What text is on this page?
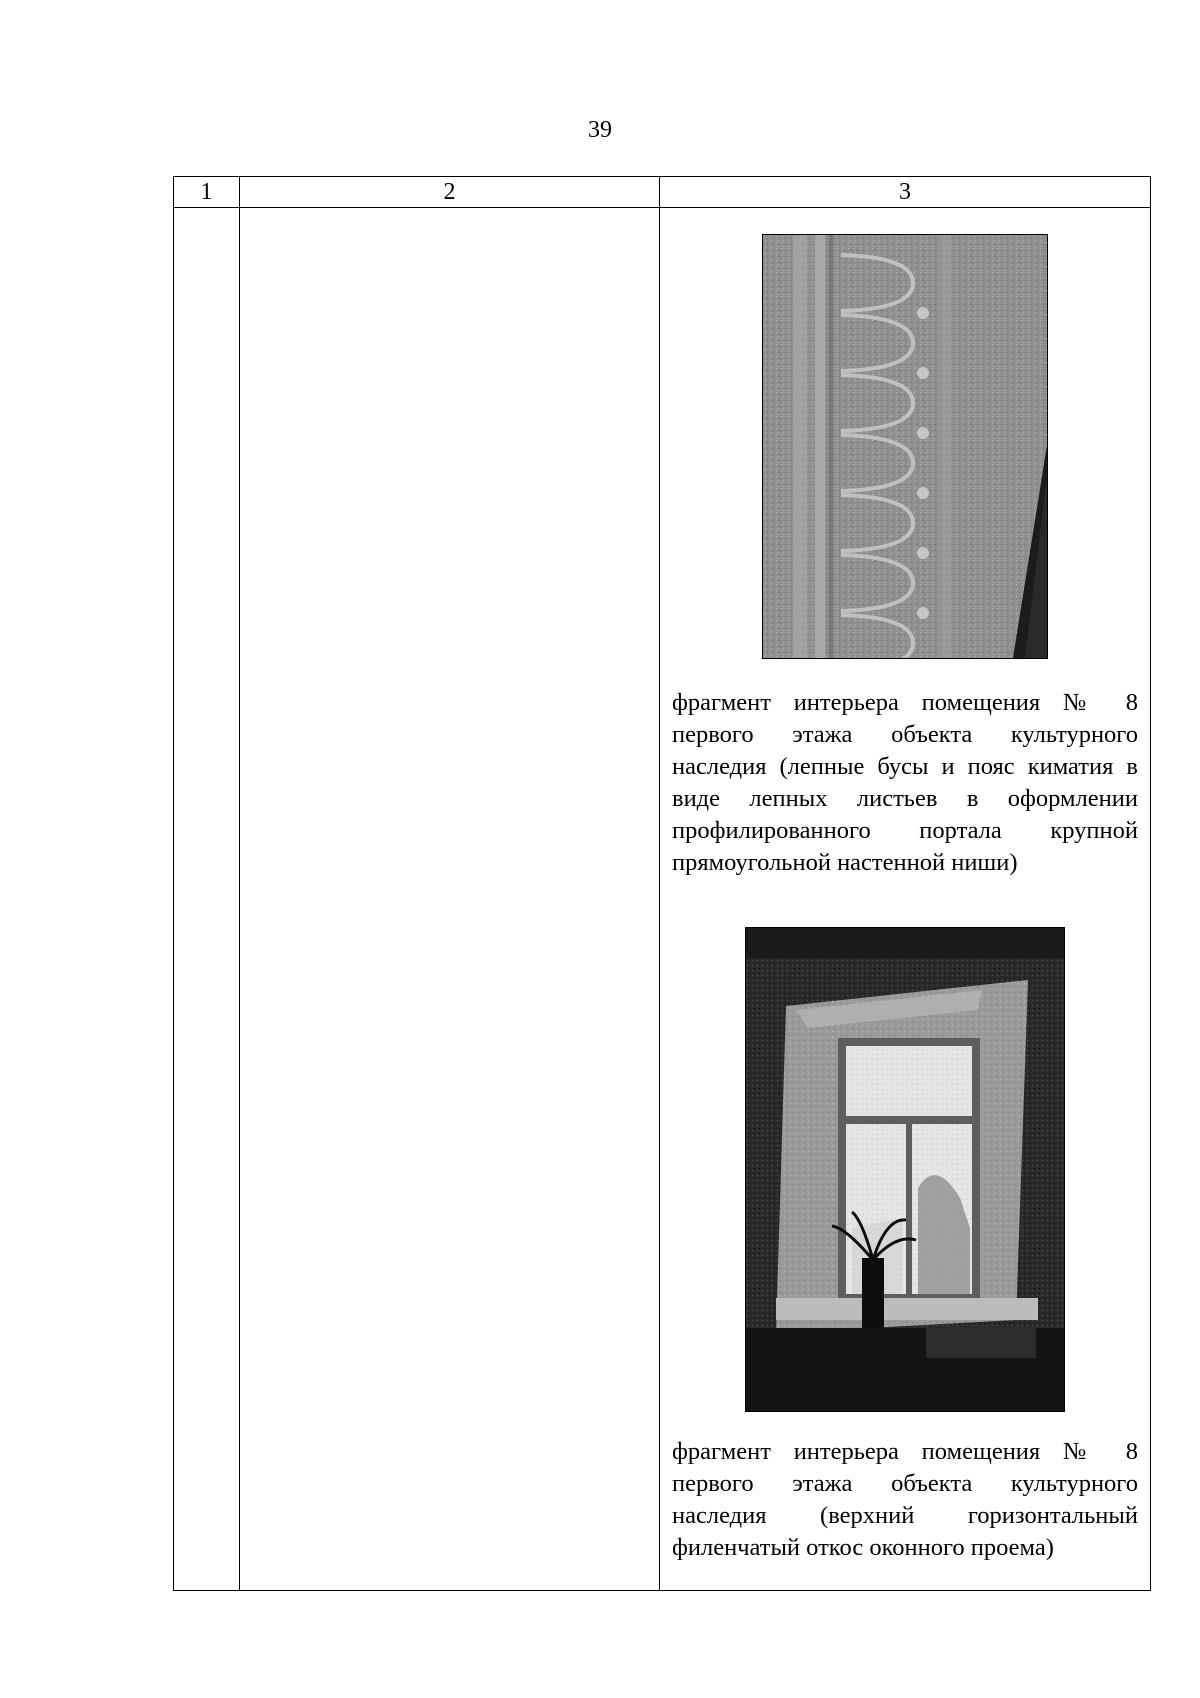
39
1	2	3

		фрагмент интерьера помещения № 8 первого этажа объекта культурного наследия (лепные бусы и пояс киматия в виде лепных листьев в оформлении профилированного портала крупной прямоугольной настенной ниши)

фрагмент интерьера помещения № 8 первого этажа объекта культурного наследия (верхний горизонтальный филенчатый откос оконного проема)
